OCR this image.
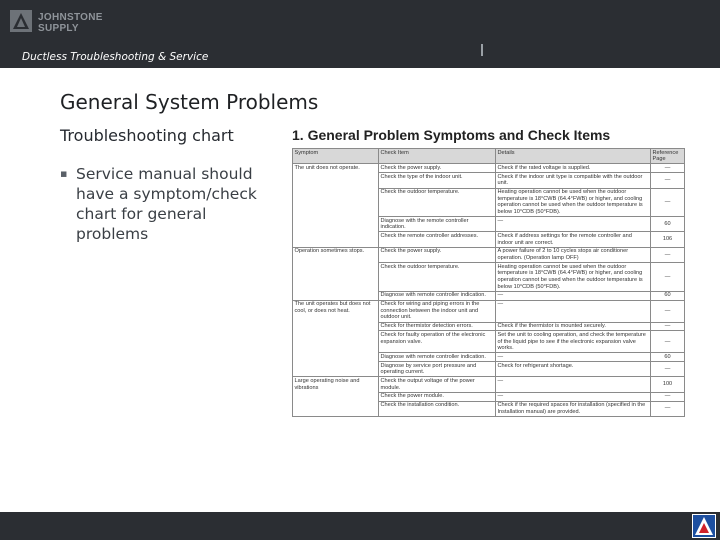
JOHNSTONE
SUPPLY
Ductless Troubleshooting & Service
General System Problems
Troubleshooting chart
▪ Service manual should have a symptom/check chart for general problems
1. General Problem Symptoms and Check Items
Symptom	Check Item	Details	Reference Page
The unit does not operate.	Check the power supply.	Check if the rated voltage is supplied.	—
	Check the type of the indoor unit.	Check if the indoor unit type is compatible with the outdoor unit.	—
	Check the outdoor temperature.	Heating operation cannot be used when the outdoor temperature is 18°CWB (64.4°FWB) or higher, and cooling operation cannot be used when the outdoor temperature is below 10°CDB (50°FDB).	—
	Diagnose with the remote controller indication.	—	60
	Check the remote controller addresses.	Check if address settings for the remote controller and indoor unit are correct.	106
Operation sometimes stops.	Check the power supply.	A power failure of 2 to 10 cycles stops air conditioner operation. (Operation lamp OFF)	—
	Check the outdoor temperature.	Heating operation cannot be used when the outdoor temperature is 18°CWB (64.4°FWB) or higher, and cooling operation cannot be used when the outdoor temperature is below 10°CDB (50°FDB).	—
	Diagnose with remote controller indication.	—	60
The unit operates but does not cool, or does not heat.	Check for wiring and piping errors in the connection between the indoor unit and outdoor unit.	—	—
	Check for thermistor detection errors.	Check if the thermistor is mounted securely.	—
	Check for faulty operation of the electronic expansion valve.	Set the unit to cooling operation, and check the temperature of the liquid pipe to see if the electronic expansion valve works.	—
	Diagnose with remote controller indication.	—	60
	Diagnose by service port pressure and operating current.	Check for refrigerant shortage.	—
Large operating noise and vibrations	Check the output voltage of the power module.	—	100
	Check the power module.	—	—
	Check the installation condition.	Check if the required spaces for installation (specified in the Installation manual) are provided.	—
